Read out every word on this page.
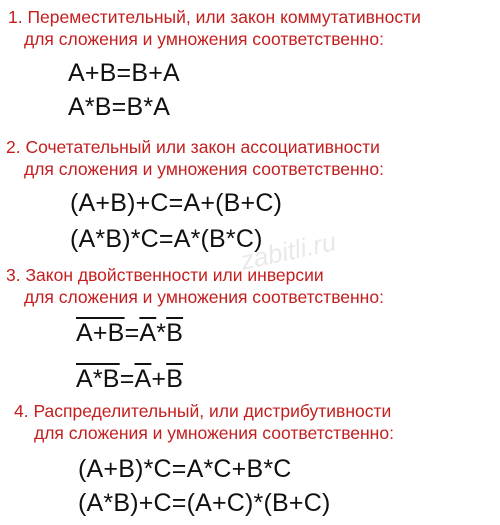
1. Переместительный, или закон коммутативности
для сложения и умножения соответственно:
A+B=B+A
A*B=B*A
2. Сочетательный или закон ассоциативности
для сложения и умножения соответственно:
(A+B)+C=A+(B+C)
(A*B)*C=A*(B*C)
3. Закон двойственности или инверсии
для сложения и умножения соответственно:
$A+B=\overline{A}*\overline{B}$
$A*B=\overline{A}+\overline{B}$
4. Распределительный, или дистрибутивности
для сложения и умножения соответственно:
(A+B)*C=A*C+B*C
(A*B)+C=(A+C)*(B+C)
zabitli.ru
